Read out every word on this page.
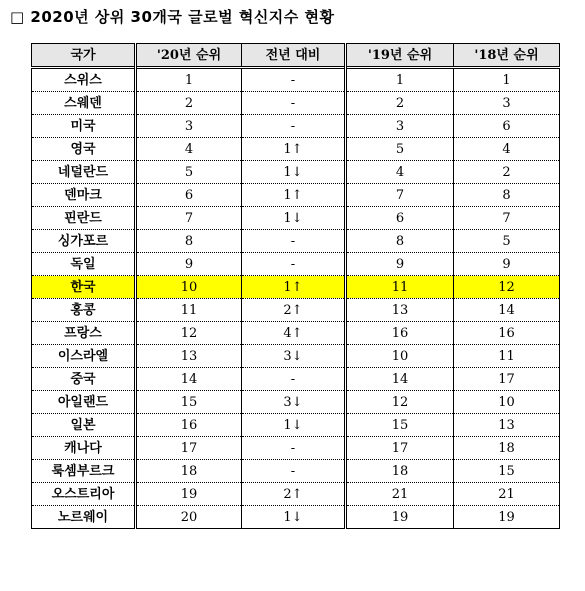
□ 2020년 상위 30개국 글로벌 혁신지수 현황
국가	'20년 순위	전년 대비	'19년 순위	'18년 순위
스위스	1	-	1	1
스웨덴	2	-	2	3
미국	3	-	3	6
영국	4	1↑	5	4
네덜란드	5	1↓	4	2
덴마크	6	1↑	7	8
핀란드	7	1↓	6	7
싱가포르	8	-	8	5
독일	9	-	9	9
한국	10	1↑	11	12
홍콩	11	2↑	13	14
프랑스	12	4↑	16	16
이스라엘	13	3↓	10	11
중국	14	-	14	17
아일랜드	15	3↓	12	10
일본	16	1↓	15	13
캐나다	17	-	17	18
룩셈부르크	18	-	18	15
오스트리아	19	2↑	21	21
노르웨이	20	1↓	19	19
